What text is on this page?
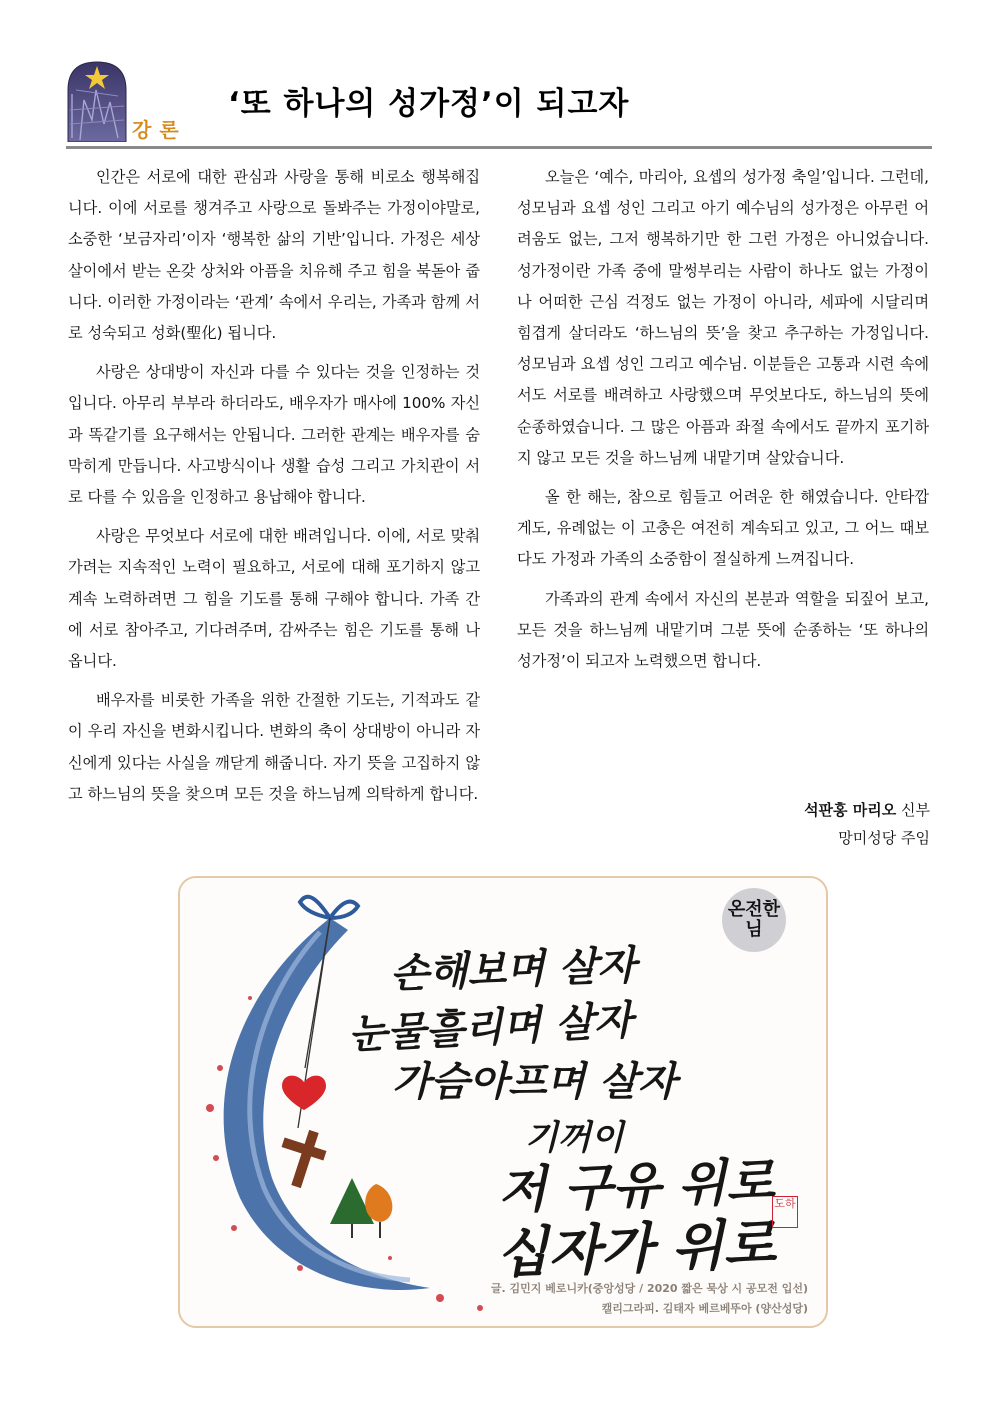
강론
‘또 하나의 성가정’이 되고자

인간은 서로에 대한 관심과 사랑을 통해 비로소 행복해집니다. 이에 서로를 챙겨주고 사랑으로 돌봐주는 가정이야말로, 소중한 ‘보금자리’이자 ‘행복한 삶의 기반’입니다. 가정은 세상살이에서 받는 온갖 상처와 아픔을 치유해 주고 힘을 북돋아 줍니다. 이러한 가정이라는 ‘관계’ 속에서 우리는, 가족과 함께 서로 성숙되고 성화(聖化) 됩니다.

사랑은 상대방이 자신과 다를 수 있다는 것을 인정하는 것입니다. 아무리 부부라 하더라도, 배우자가 매사에 100% 자신과 똑같기를 요구해서는 안됩니다. 그러한 관계는 배우자를 숨막히게 만듭니다. 사고방식이나 생활 습성 그리고 가치관이 서로 다를 수 있음을 인정하고 용납해야 합니다.

사랑은 무엇보다 서로에 대한 배려입니다. 이에, 서로 맞춰가려는 지속적인 노력이 필요하고, 서로에 대해 포기하지 않고 계속 노력하려면 그 힘을 기도를 통해 구해야 합니다. 가족 간에 서로 참아주고, 기다려주며, 감싸주는 힘은 기도를 통해 나옵니다.

배우자를 비롯한 가족을 위한 간절한 기도는, 기적과도 같이 우리 자신을 변화시킵니다. 변화의 축이 상대방이 아니라 자신에게 있다는 사실을 깨닫게 해줍니다. 자기 뜻을 고집하지 않고 하느님의 뜻을 찾으며 모든 것을 하느님께 의탁하게 합니다.

오늘은 ‘예수, 마리아, 요셉의 성가정 축일’입니다. 그런데, 성모님과 요셉 성인 그리고 아기 예수님의 성가정은 아무런 어려움도 없는, 그저 행복하기만 한 그런 가정은 아니었습니다. 성가정이란 가족 중에 말썽부리는 사람이 하나도 없는 가정이나 어떠한 근심 걱정도 없는 가정이 아니라, 세파에 시달리며 힘겹게 살더라도 ‘하느님의 뜻’을 찾고 추구하는 가정입니다. 성모님과 요셉 성인 그리고 예수님. 이분들은 고통과 시련 속에서도 서로를 배려하고 사랑했으며 무엇보다도, 하느님의 뜻에 순종하였습니다. 그 많은 아픔과 좌절 속에서도 끝까지 포기하지 않고 모든 것을 하느님께 내맡기며 살았습니다.

올 한 해는, 참으로 힘들고 어려운 한 해였습니다. 안타깝게도, 유례없는 이 고충은 여전히 계속되고 있고, 그 어느 때보다도 가정과 가족의 소중함이 절실하게 느껴집니다.

가족과의 관계 속에서 자신의 본분과 역할을 되짚어 보고, 모든 것을 하느님께 내맡기며 그분 뜻에 순종하는 ‘또 하나의 성가정’이 되고자 노력했으면 합니다.

석판홍 마리오 신부
망미성당 주임
손해보며 살자
눈물흘리며 살자
가슴아프며 살자
기꺼이
저 구유 위로
십자가 위로
온전한님
도하
글. 김민지 베로니카(중앙성당 / 2020 짧은 묵상 시 공모전 입선)
캘리그라피. 김태자 베르베뚜아 (양산성당)
